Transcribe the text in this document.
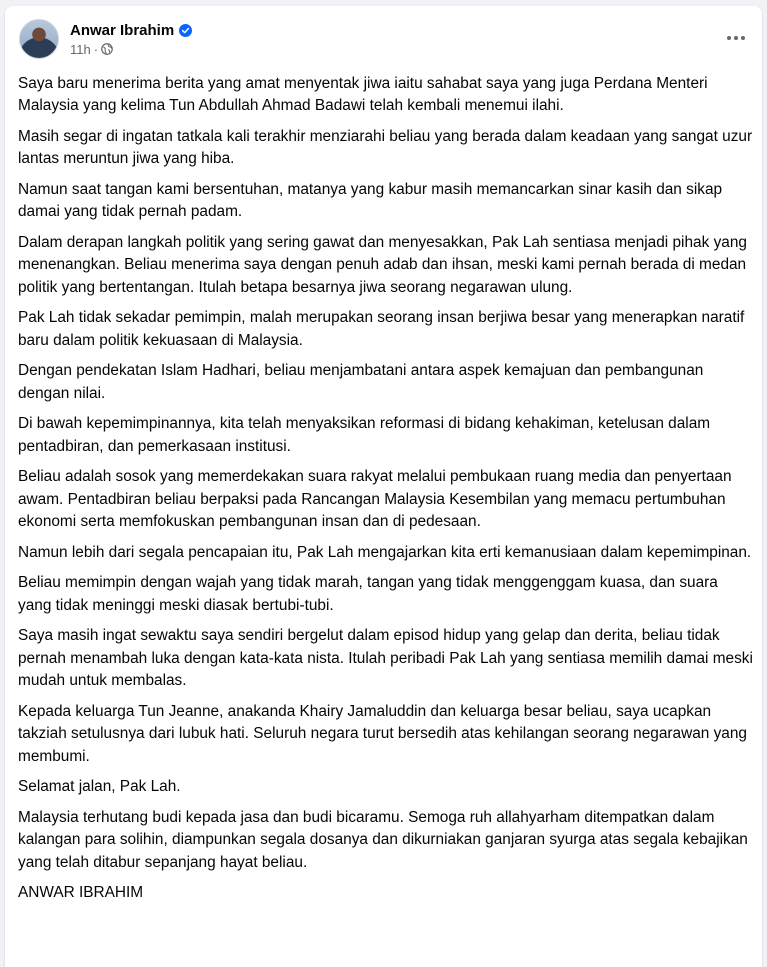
Anwar Ibrahim
11h ·

Saya baru menerima berita yang amat menyentak jiwa iaitu sahabat saya yang juga Perdana Menteri Malaysia yang kelima Tun Abdullah Ahmad Badawi telah kembali menemui ilahi.

Masih segar di ingatan tatkala kali terakhir menziarahi beliau yang berada dalam keadaan yang sangat uzur lantas meruntun jiwa yang hiba.

Namun saat tangan kami bersentuhan, matanya yang kabur masih memancarkan sinar kasih dan sikap damai yang tidak pernah padam.

Dalam derapan langkah politik yang sering gawat dan menyesakkan, Pak Lah sentiasa menjadi pihak yang menenangkan. Beliau menerima saya dengan penuh adab dan ihsan, meski kami pernah berada di medan politik yang bertentangan. Itulah betapa besarnya jiwa seorang negarawan ulung.

Pak Lah tidak sekadar pemimpin, malah merupakan seorang insan berjiwa besar yang menerapkan naratif baru dalam politik kekuasaan di Malaysia.

Dengan pendekatan Islam Hadhari, beliau menjambatani antara aspek kemajuan dan pembangunan dengan nilai.

Di bawah kepemimpinannya, kita telah menyaksikan reformasi di bidang kehakiman, ketelusan dalam pentadbiran, dan pemerkasaan institusi.

Beliau adalah sosok yang memerdekakan suara rakyat melalui pembukaan ruang media dan penyertaan awam. Pentadbiran beliau berpaksi pada Rancangan Malaysia Kesembilan yang memacu pertumbuhan ekonomi serta memfokuskan pembangunan insan dan di pedesaan.

Namun lebih dari segala pencapaian itu, Pak Lah mengajarkan kita erti kemanusiaan dalam kepemimpinan.

Beliau memimpin dengan wajah yang tidak marah, tangan yang tidak menggenggam kuasa, dan suara yang tidak meninggi meski diasak bertubi-tubi.

Saya masih ingat sewaktu saya sendiri bergelut dalam episod hidup yang gelap dan derita, beliau tidak pernah menambah luka dengan kata-kata nista. Itulah peribadi Pak Lah yang sentiasa memilih damai meski mudah untuk membalas.

Kepada keluarga Tun Jeanne, anakanda Khairy Jamaluddin dan keluarga besar beliau, saya ucapkan takziah setulusnya dari lubuk hati. Seluruh negara turut bersedih atas kehilangan seorang negarawan yang membumi.

Selamat jalan, Pak Lah.

Malaysia terhutang budi kepada jasa dan budi bicaramu. Semoga ruh allahyarham ditempatkan dalam kalangan para solihin, diampunkan segala dosanya dan dikurniakan ganjaran syurga atas segala kebajikan yang telah ditabur sepanjang hayat beliau.

ANWAR IBRAHIM
